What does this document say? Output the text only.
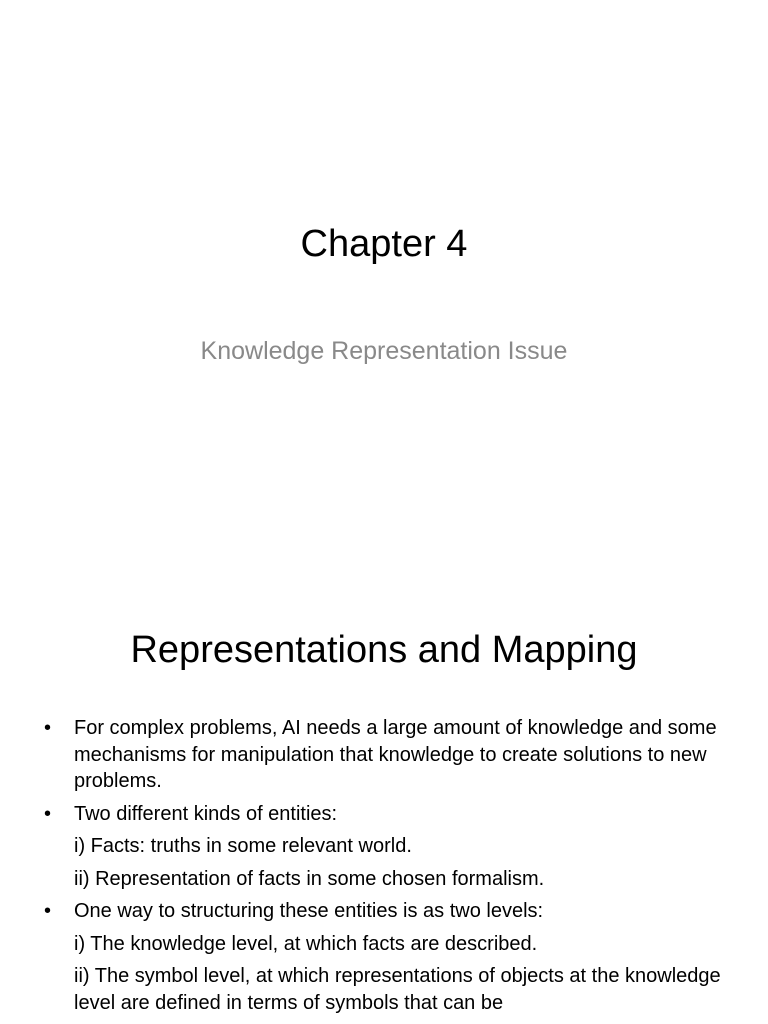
Chapter 4
Knowledge Representation Issue
Representations and Mapping
• For complex problems, AI needs a large amount of knowledge and some mechanisms for manipulation that knowledge to create solutions to new problems.
• Two different kinds of entities:
i) Facts: truths in some relevant world.
ii) Representation of facts in some chosen formalism.
• One way to structuring these entities is as two levels:
i) The knowledge level, at which facts are described.
ii) The symbol level, at which representations of objects at the knowledge level are defined in terms of symbols that can be
